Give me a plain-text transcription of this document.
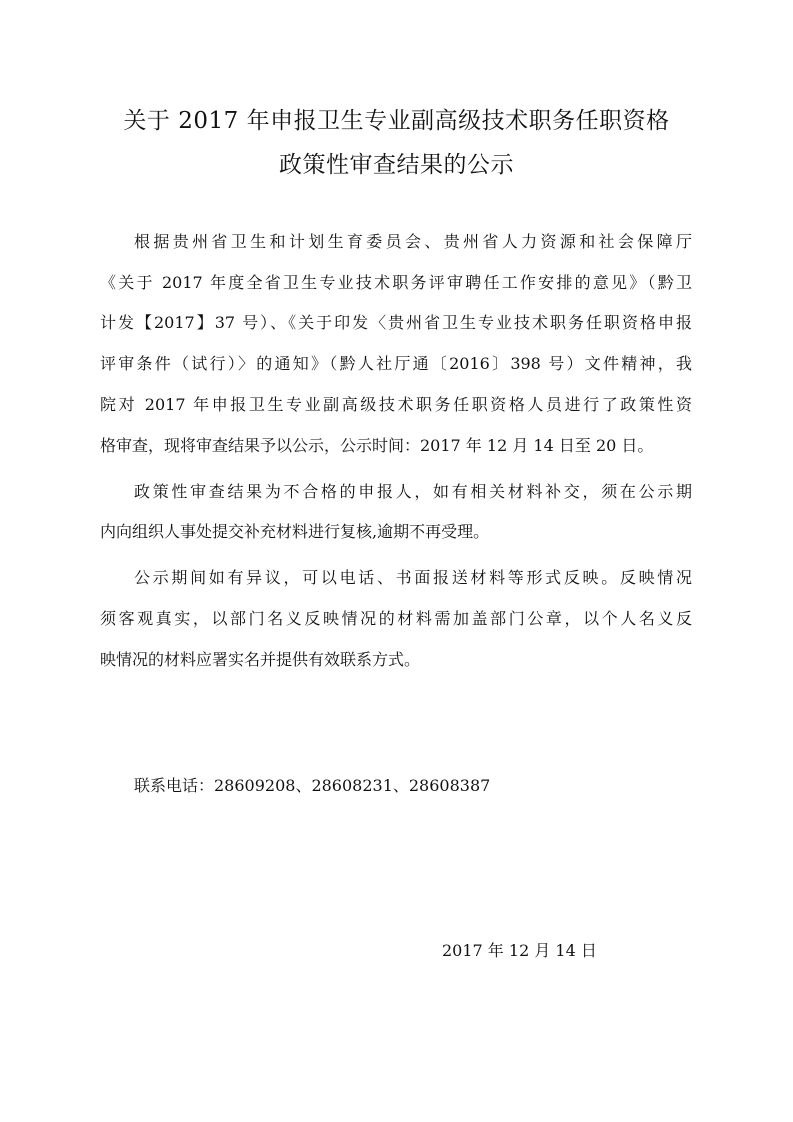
关于 2017 年申报卫生专业副高级技术职务任职资格
政策性审查结果的公示
根据贵州省卫生和计划生育委员会、贵州省人力资源和社会保障厅
《关于 2017 年度全省卫生专业技术职务评审聘任工作安排的意见》（黔卫
计发【2017】37 号）、《关于印发〈贵州省卫生专业技术职务任职资格申报
评审条件（试行）〉的通知》（黔人社厅通〔2016〕398 号）文件精神，我
院对 2017 年申报卫生专业副高级技术职务任职资格人员进行了政策性资
格审查，现将审查结果予以公示，公示时间：2017 年 12 月 14 日至 20 日。
政策性审查结果为不合格的申报人，如有相关材料补交，须在公示期
内向组织人事处提交补充材料进行复核,逾期不再受理。
公示期间如有异议，可以电话、书面报送材料等形式反映。反映情况
须客观真实，以部门名义反映情况的材料需加盖部门公章，以个人名义反
映情况的材料应署实名并提供有效联系方式。
联系电话：28609208、28608231、28608387
2017 年 12 月 14 日
